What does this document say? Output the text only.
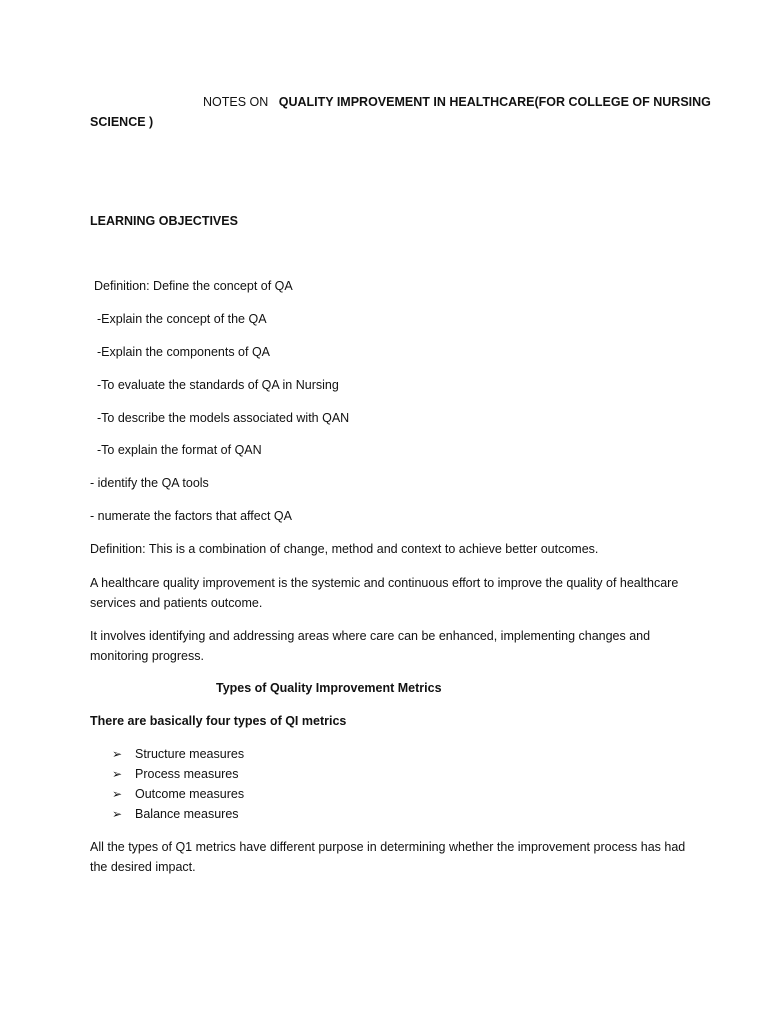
NOTES ON QUALITY IMPROVEMENT IN HEALTHCARE(FOR COLLEGE OF NURSING
SCIENCE )
LEARNING OBJECTIVES
Definition: Define the concept of QA
-Explain the concept of the QA
-Explain the components of QA
-To evaluate the standards of QA in Nursing
-To describe the models associated with QAN
-To explain the format of QAN
- identify the QA tools
- numerate the factors that affect QA
Definition: This is a combination of change, method and context to achieve better outcomes.
A healthcare quality improvement is the systemic and continuous effort to improve the quality of healthcare services and patients outcome.
It involves identifying and addressing areas where care can be enhanced, implementing changes and monitoring progress.
Types of Quality Improvement Metrics
There are basically four types of QI metrics
➢ Structure measures
➢ Process measures
➢ Outcome measures
➢ Balance measures
All the types of Q1 metrics have different purpose in determining whether the improvement process has had the desired impact.
